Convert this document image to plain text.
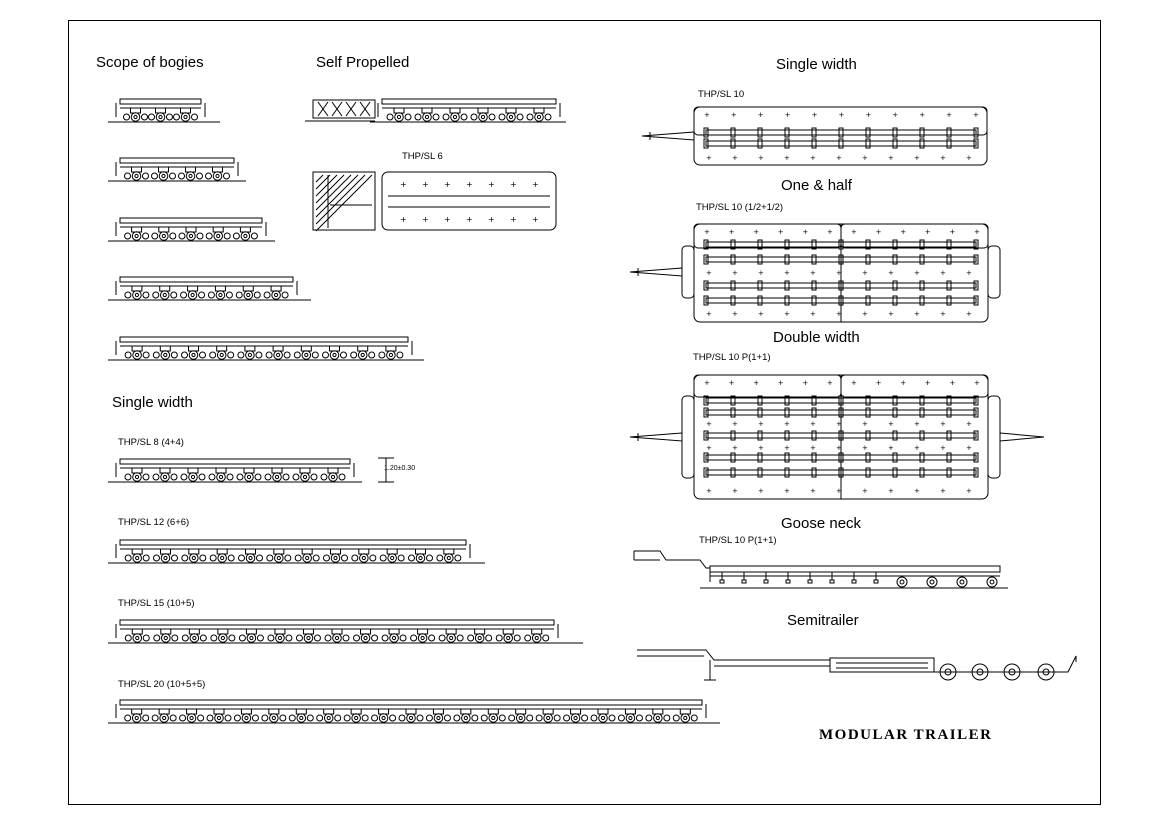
+
+
+
+
+
+
+
+
+
+
+
+
+
+
+	+	+	+	+	+	+	+	+	+	+
+	+	+	+	+	+	+	+	+	+	+
+	+	+	+	+	+	+	+	+	+	+	+
+
+
+
+
+
+
+
+
+
+
+
+
+
+
+
+
+
+
+
+
+
+
+	+	+	+	+	+	+	+	+	+	+	+
+
+
+
+
+
+
+
+
+
+
+
+
+
+
+
+
+
+
+
+
+
+
+
+
+
+
+
+
+
+
+
+
+
Scope of bogies	Self Propelled
Single width
Single width
One & half
Double width
Goose neck
Semitrailer
THP/SL 6
THP/SL 8 (4+4)
THP/SL 12 (6+6)
THP/SL 15 (10+5)
THP/SL 20 (10+5+5)
THP/SL 10
THP/SL 10 (1/2+1/2)
THP/SL 10 P(1+1)
THP/SL 10 P(1+1)
1.20±0.30
MODULAR TRAILER
